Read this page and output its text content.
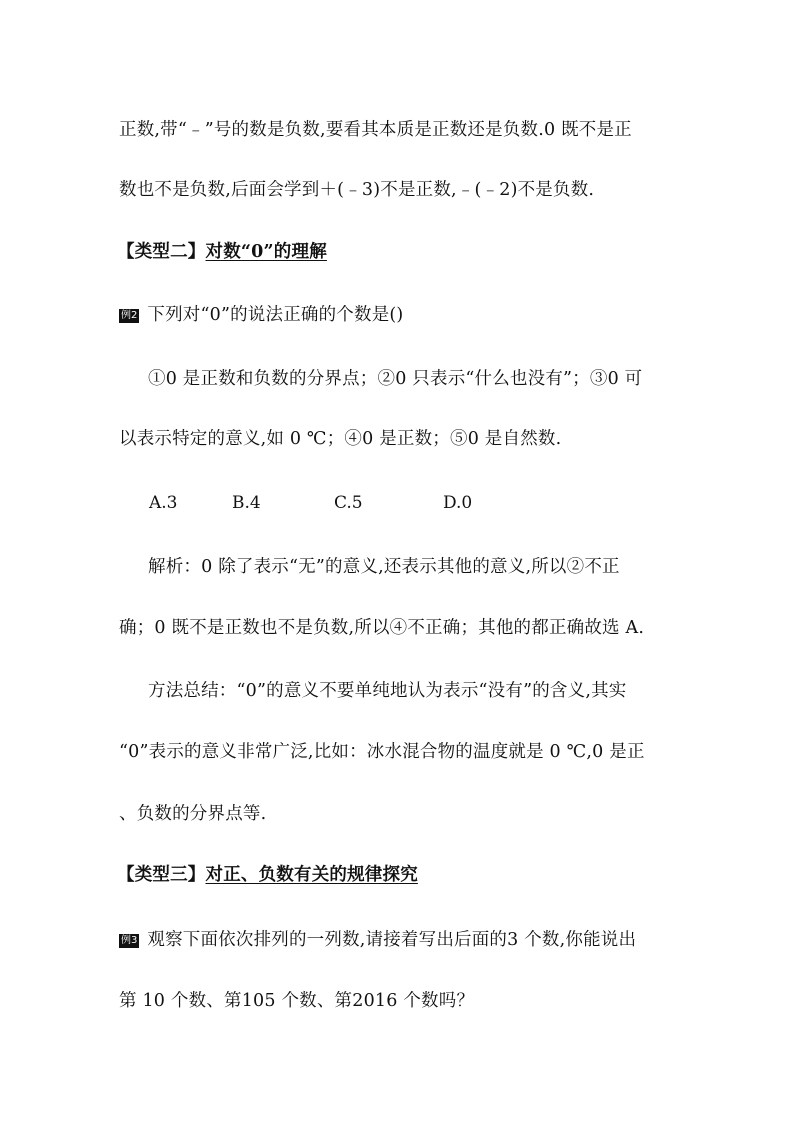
正数,带“﹣”号的数是负数,要看其本质是正数还是负数.0 既不是正
数也不是负数,后面会学到＋(﹣3)不是正数,﹣(﹣2)不是负数.
【类型二】对数“0”的理解
例2 下列对“0”的说法正确的个数是()
①0 是正数和负数的分界点；②0 只表示“什么也没有”；③0 可
以表示特定的意义,如 0 ℃；④0 是正数；⑤0 是自然数.
A.3	B.4	C.5	D.0
解析：0 除了表示“无”的意义,还表示其他的意义,所以②不正
确；0 既不是正数也不是负数,所以④不正确；其他的都正确故选 A.
方法总结：“0”的意义不要单纯地认为表示“没有”的含义,其实
“0”表示的意义非常广泛,比如：冰水混合物的温度就是 0 ℃,0 是正
、负数的分界点等.
【类型三】对正、负数有关的规律探究
例3 观察下面依次排列的一列数,请接着写出后面的3 个数,你能说出
第 10 个数、第105 个数、第2016 个数吗？
